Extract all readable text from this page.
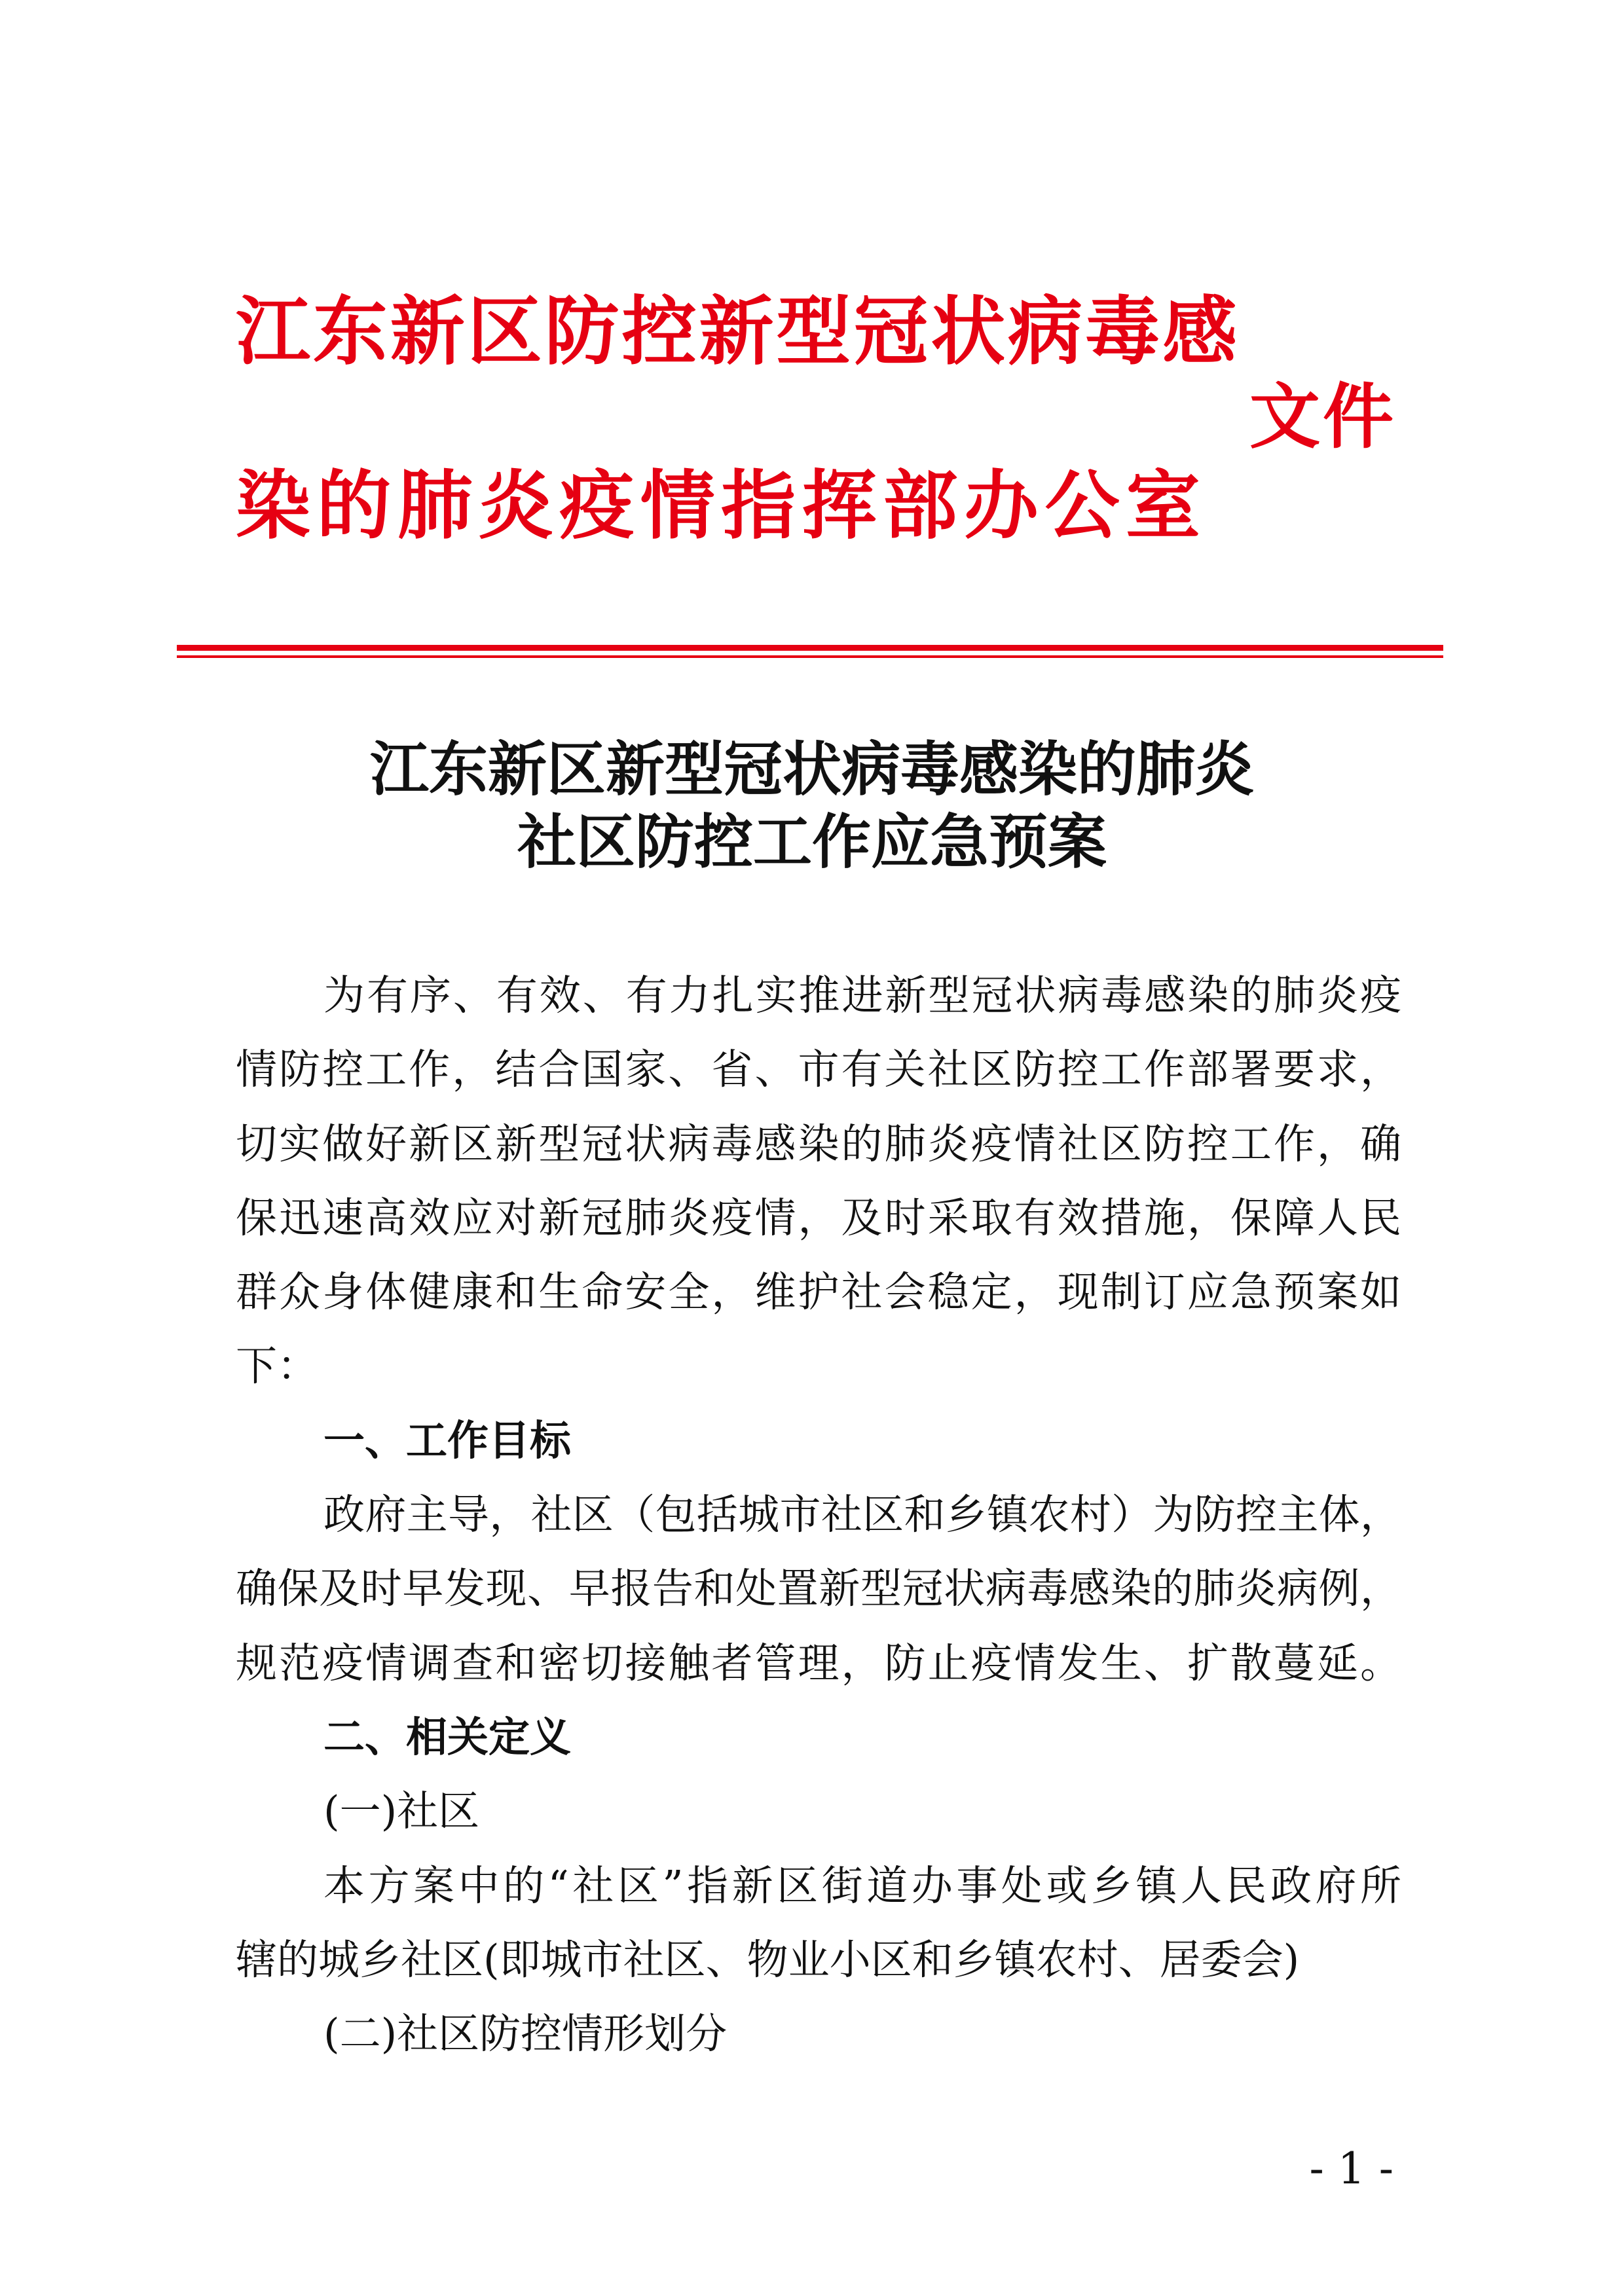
江东新区防控新型冠状病毒感
文件
染的肺炎疫情指挥部办公室
江东新区新型冠状病毒感染的肺炎
社区防控工作应急预案
为有序、有效、有力扎实推进新型冠状病毒感染的肺炎疫
情防控工作，结合国家、省、市有关社区防控工作部署要求，
切实做好新区新型冠状病毒感染的肺炎疫情社区防控工作，确
保迅速高效应对新冠肺炎疫情，及时采取有效措施，保障人民
群众身体健康和生命安全，维护社会稳定，现制订应急预案如
下：
一、工作目标
政府主导，社区（包括城市社区和乡镇农村）为防控主体，
确保及时早发现、早报告和处置新型冠状病毒感染的肺炎病例，
规范疫情调查和密切接触者管理，防止疫情发生、扩散蔓延。
二、相关定义
(一)社区
本方案中的“社区”指新区街道办事处或乡镇人民政府所
辖的城乡社区(即城市社区、物业小区和乡镇农村、居委会)
(二)社区防控情形划分
- 1 -
